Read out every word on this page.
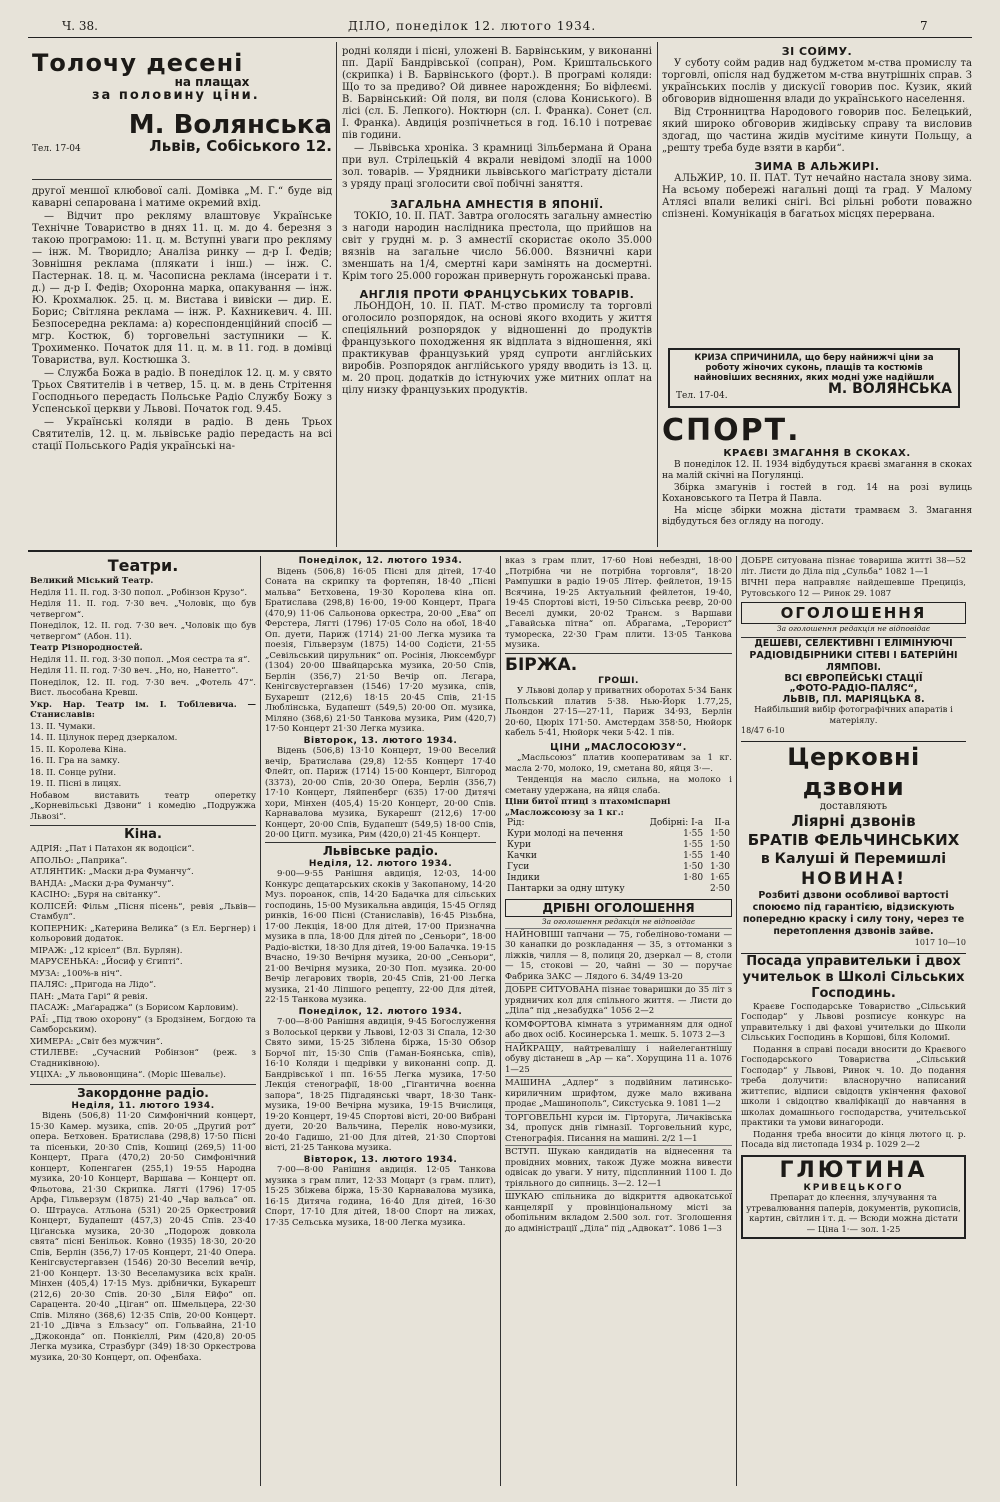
Ч. 38.	ДІЛО, понеділок 12. лютого 1934.	7
Толочу десені
на плащах
за половину ціни.
М. Волянська
Тел. 17-04	Львів, Собіського 12.

другої меншої клюбової салі. Домівка „М. Г.“ буде від каварні сепарована і матиме окремий вхід.

— Відчит про рекляму влаштовує Українське Технічне Товариство в днях 11. ц. м. до 4. березня з такою програмою: 11. ц. м. Вступні уваги про рекляму — інж. М. Творидло; Аналіза ринку — д-р І. Федів; Зовнішня реклама (плякати і інш.) — інж. С. Пастернак. 18. ц. м. Часописна реклама (інсерати і т. д.) — д-р І. Федів; Охоронна марка, опакування — інж. Ю. Крохмалюк. 25. ц. м. Вистава і вивіски — дир. Е. Борис; Світляна реклама — інж. Р. Кахникевич. 4. III. Безпосередна реклама: а) кореспонденційний спосіб — мгр. Костюк, б) торговельні заступники — К. Трохименко. Початок для 11. ц. м. в 11. год. в домівці Товариства, вул. Костюшка 3.

— Служба Божа в радіо. В понеділок 12. ц. м. у свято Трьох Святителів і в четвер, 15. ц. м. в день Стрітення Господнього передасть Польське Радіо Службу Божу з Успенської церкви у Львові. Початок год. 9.45.

— Українські коляди в радіо. В день Трьох Святителів, 12. ц. м. львівське радіо передасть на всі стації Польського Радія українські на-

родні коляди і пісні, уложені В. Барвінським, у виконанні пп. Дарії Бандрівської (сопран), Ром. Криштальського (скрипка) і В. Барвінського (форт.). В програмі коляди: Що то за предиво? Ой дивнее нарождення; Бо віфлеємі. В. Барвінський: Ой поля, ви поля (слова Кониського). В лісі (сл. Б. Лепкого). Ноктюрн (сл. І. Франка). Сонет (сл. І. Франка). Авдиція розпічнеться в год. 16.10 і потреває пів години.

— Львівська хроніка. З крамниці Зільбермана й Орана при вул. Стрілецькій 4 вкрали невідомі злодії на 1000 зол. товарів. — Урядники львівського маґістрату дістали з уряду праці зголосити свої побічні заняття.

ЗАГАЛЬНА АМНЕСТІЯ В ЯПОНІЇ.

ТОКІО, 10. II. ПАТ. Завтра оголосять загальну амнестію з нагоди народин наслідника престола, що прийшов на світ у грудні м. р. З амнестії скористає около 35.000 вязнів на загальне число 56.000. Вязничні кари зменшать на 1/4, смертні кари замінять на досмертні. Крім того 25.000 горожан привернуть горожанські права.

АНГЛІЯ ПРОТИ ФРАНЦУСЬКИХ ТОВАРІВ.

ЛЬОНДОН, 10. II. ПАТ. М-ство промислу та торговлі оголосило розпорядок, на основі якого входить у життя спеціяльний розпорядок у відношенні до продуктів французького походження як відплата з відношення, які практикував французький уряд супроти англійських виробів. Розпорядок англійського уряду вводить із 13. ц. м. 20 проц. додатків до істнуючих уже митних оплат на цілу низку французьких продуктів.

ЗІ СОЙМУ.

У суботу сойм радив над буджетом м-ства промислу та торговлі, опісля над буджетом м-ства внутрішніх справ. З українських послів у дискусії говорив пос. Кузик, який обговорив відношення влади до українського населення.

Від Стронництва Народового говорив пос. Белецький, який широко обговорив жидівську справу та висловив здогад, що частина жидів мусітиме кинути Польщу, а „решту треба буде взяти в карби“.

ЗИМА В АЛЬЖИРІ.

АЛЬЖИР, 10. II. ПАТ. Тут нечайно настала знову зима. На всьому побережі нагальні дощі та град. У Малому Атлясі впали великі снігі. Всі рільні роботи поважно спізнені. Комунікація в багатьох місцях перервана.

КРИЗА СПРИЧИНИЛА, що беру найнижчі ціни за роботу жіночих суконь, плащів та костюмів найновіших весняних, яких модні уже надійшли
Тел. 17-04.	М. ВОЛЯНСЬКА
СПОРТ.
КРАЄВІ ЗМАГАННЯ В СКОКАХ.

В понеділок 12. II. 1934 відбудуться краєві змагання в скоках на малій скічні на Погулянці.

Збірка змагунів і гостей в год. 14 на розі вулиць Кохановського та Петра й Павла.

На місце збірки можна дістати трамваєм 3. Змагання відбудуться без огляду на погоду.

Театри.
Великий Міський Театр.
Неділя 11. II. год. 3·30 попол. „Робінзон Крузо“.
Неділя 11. II. год. 7·30 веч. „Чоловік, що був четвергом“.
Понеділок, 12. II. год. 7·30 веч. „Чоловік що був четвергом“ (Абон. 11).
Театр Різнородностей.
Неділя 11. II. год. 3·30 попол. „Моя сестра та я“.
Неділя 11. II. год. 7·30 веч. „Но, но, Нанетто“.
Понеділок, 12. II. год. 7·30 веч. „Фотель 47“. Вист. льособана Кревш.
Укр. Нар. Театр ім. І. Тобілевича. — Станиславів:
13. II. Чумаки.
14. II. Цілунок перед дзеркалом.
15. II. Королева Кіна.
16. II. Гра на замку.
18. II. Сонце руїни.
19. II. Пісні в лицях.
Нобавом виставить театр оперетку „Корневільські Дзвони“ і комедію „Подружжа Львозі“.
Кіна.
АДРІЯ: „Пат і Патахон як водоціси“.
АПОЛЬО: „Паприка“.
АТЛЯНТИК: „Маски д-ра Фуманчу“.
ВАНДА: „Маски д-ра Фуманчу“.
КАСІНО: „Буря на світанку“.
КОЛІСЕЙ: Фільм „Пісня пісень“, ревія „Львів—Стамбул“.
КОПЕРНИК: „Катерина Велика“ (з Ел. Бергнер) і кольоровий додаток.
МІРАЖ: „12 крісел“ (Вл. Бурлян).
МАРУСЕНЬКА: „Йосиф у Єгипті“.
МУЗА: „100%-в ніч“.
ПАЛЯС: „Пригода на Лідо“.
ПАН: „Мата Гарі“ й ревія.
ПАСАЖ: „Маґараджа“ (з Борисом Карловим).
РАЇ: „Під твою охорону“ (з Бродзінем, Богдою та Самборським).
ХИМЕРА: „Світ без мужчин“.
СТИЛЕВЕ: „Сучасний Робінзон“ (реж. з Стадниківною).
УЦІХА: „У львовонщина“. (Моріс Шевальє).
Закордонне радіо.
Неділя, 11. лютого 1934.

Відень (506,8) 11·20 Симфонічний концерт, 15·30 Камер. музика, спів. 20·05 „Другий рот“ опера. Бетховен. Братислава (298,8) 17·50 Пісні та пісеньки, 20·30 Спів, Кошиці (269,5) 11·00 Концерт, Прага (470,2) 20·50 Симфонічний концерт, Копенгаген (255,1) 19·55 Народна музика, 20·10 Концерт, Варшава — Концерт оп. Фльотова, 21·30 Скрипка. Лягті (1796) 17·05 Арфа, Гільверзум (1875) 21·40 „Чар вальса“ оп. О. Штрауса. Атльона (531) 20·25 Оркестровий Концерт, Будапешт (457,3) 20·45 Спів. 23·40 Ціґанська музика, 20·30 „Подорож довкола свята“ пісні Бенільок. Ковно (1935) 18·30, 20·20 Спів, Берлін (356,7) 17·05 Концерт, 21·40 Опера. Кенігсвустергавзен (1546) 20·30 Веселий вечір, 21·00 Концерт. 13·30 Веселамузика всіх країн. Мінхен (405,4) 17·15 Муз. дрібнички, Букарешт (212,6) 20·30 Спів. 20·30 „Біля Ейфо“ оп. Сарацента. 20·40 „Ціган“ оп. Шмельцера, 22·30 Спів. Міляно (368,6) 12·35 Спів, 20·00 Концерт. 21·10 „Дівча з Ельзасу“ оп. Гольвайна, 21·10 „Джоконда“ оп. Понкієллі, Рим (420,8) 20·05 Легка музика, Стразбург (349) 18·30 Оркестрова музика, 20·30 Концерт, оп. Офенбаха.

Понеділок, 12. лютого 1934.

Відень (506,8) 16·05 Пісні для дітей, 17·40 Соната на скрипку та фортепян, 18·40 „Пісні мальва“ Бетховена, 19·30 Королева кіна оп. Братислава (298,8) 16·00, 19·00 Концерт, Прага (470,9) 11·06 Сальонова оркестра, 20·00 „Ева“ оп Ферстера, Лягті (1796) 17·05 Соло на обої, 18·40 Оп. дуети, Париж (1714) 21·00 Легка музика та поезія, Гільверзум (1875) 14·00 Содісти, 21·55 „Севільський цирульник“ оп. Росінія, Люксембург (1304) 20·00 Швайцарська музика, 20·50 Спів, Берлін (356,7) 21·50 Вечір оп. Лєгара, Кенігсвустергавзен (1546) 17·20 музика, спів, Бухарешт (212,6) 18·15 20·45 Спів, 21·15 Люблінська, Будапешт (549,5) 20·00 Оп. музика, Міляно (368,6) 21·50 Танкова музика, Рим (420,7) 17·50 Концерт 21·30 Легка музика.

Вівторок, 13. лютого 1934.

Відень (506,8) 13·10 Концерт, 19·00 Веселий вечір, Братислава (29,8) 12·55 Концерт 17·40 Флейт, оп. Париж (1714) 15·00 Концерт, Білгород (3373), 20·00 Спів, 20·30 Опера, Берлін (356,7) 17·10 Концерт, Ляйпенберг (635) 17·00 Дитячі хори, Мінхен (405,4) 15·20 Концерт, 20·00 Спів. Карнавалова музика, Букарешт (212,6) 17·00 Концерт, 20·00 Спів, Будапешт (549,5) 18·00 Спів, 20·00 Цигп. музика, Рим (420,0) 21·45 Концерт.

Львівське радіо.
Неділя, 12. лютого 1934.

9·00—9·55 Ранішня авдиція, 12·03, 14·00 Конкурс дещатарських скоків у Закопаному, 14·20 Муз. пороанок, спів, 14·20 Бадачка для сільських господинь, 15·00 Музикальна авдиція, 15·45 Огляд ринків, 16·00 Пісні (Станиславів), 16·45 Різьбна, 17·00 Лекція, 18·00 Для дітей, 17·00 Призначна музика в пла, 18·00 Для дітей по „Сеньори“, 18·00 Радіо-вістки, 18·30 Для дітей, 19·00 Балачка. 19·15 Вчасно, 19·30 Вечірня музика, 20·00 „Сеньори“, 21·00 Вечірня музика, 20·30 Поп. музика. 20·00 Вечір легарових творів, 20·45 Спів, 21·00 Легка музика, 21·40 Ліпшого рецепту, 22·00 Для дітей, 22·15 Танкова музика.

Понеділок, 12. лютого 1934.

7·00—8·00 Ранішня авдиція, 9·45 Богослуження з Волоської церкви у Львові, 12·03 Зі Спала, 12·30 Свято зими, 15·25 Зіблена біржа, 15·30 Обзор Борчої піт, 15·30 Спів (Гаман-Боянська, спів), 16·10 Коляди і щедрівки у виконанні сопр. Д. Бандрівської і пп. 16·55 Легка музика, 17·50 Лекція стенографії, 18·00 „Гігантична воєнна запора“, 18·25 Підгадянські чварт, 18·30 Танк-музика, 19·00 Вечірна музика, 19·15 Вчислиця, 19·20 Концерт, 19·45 Спортові вісті, 20·00 Вибрані дуети, 20·20 Вальчина, Перелік ново-музики, 20·40 Гадишо, 21·00 Для дітей, 21·30 Спортові вісті, 21·25 Танкова музика.

Вівторок, 13. лютого 1934.

7·00—8·00 Ранішня авдиція. 12·05 Танкова музика з грам плит, 12·33 Моцарт (з грам. плит), 15·25 Збіжева біржа, 15·30 Карнавалова музика, 16·15 Дитяча година, 16·40 Для дітей, 16·30 Спорт, 17·10 Для дітей, 18·00 Спорт на лижах, 17·35 Сельська музика, 18·00 Легка музика.

вказ з грам плит, 17·60 Нові небездні, 18·00 „Потрібна чи не потрібна торговля“, 18·20 Рампушки в радіо 19·05 Літер. фейлетон, 19·15 Всячина, 19·25 Актуальний фейлетон, 19·40, 19·45 Спортові вісті, 19·50 Сільська реєвр, 20·00 Веселі думки, 20·02 Трансм. з Варшави „Гавайська пітна“ оп. Абрагама, „Терорист“ туморескa, 22·30 Грам плити. 13·05 Танкова музика.

БІРЖА.
ГРОШІ.

У Львові долар у приватних оборотах 5·34 Банк Польський платив 5·38. Нью-Йорк 1.77,25, Льондон 27·15—27·11, Париж 34·93, Берлін 20·60, Цюріх 171·50. Амстердам 358·50, Нюйорк кабель 5·41, Нюйорк чеки 5·42. 1 пів.

ЦІНИ „МАСЛОСОЮЗУ“.

„Масльсоюз“ платив кооперативам за 1 кг. масла 2·70, молоко, 19, сметана 80, яйця 3·—.

Тенденція на масло сильна, на молоко і сметану удержана, на яйця слаба.

Ціни битої птиці з птахоміспарні „Масложсоюзу за 1 кг.:
Рід:	Добірні: I-a	II-a
Кури молоді на печення	1·55	1·50
Кури	1·55	1·50
Качки	1·55	1·40
Гуси	1·50	1·30
Індики	1·80	1·65
Пантарки за одну штуку		2·50
ДРІБНІ ОГОЛОШЕННЯ
За оголошення редакція не відповідає
НАЙНОВІШІ тапчани — 75, гобеліново-томани — 30 канапки до розкладання — 35, з оттоманки з ліжків, чилля — 8, полиця 20, дзеркал — 8, столи — 15, стокові — 20, чайні — 30 — поручає Фабрика ЗАКС — Лядого 6. 34/49 13-20
ДОБРЕ СИТУОВАНА пізнає товаришки до 35 літ з урядничих кол для спільного життя. — Листи до „Діла“ під „незабудка“ 1056 2—2
КОМФОРТОВА кімната з утриманням для одної або двох осіб. Косинерська 1. мешк. 5. 1073 2—3
НАЙКРАЩУ, найтревалішу і найелегантнішу обуву дістанеш в „Ар — ка“. Хорущина 11 а. 1076 1—25
МАШИНА „Адлер“ з подвійним латинсько-кириличним шрифтом, дуже мало вживана продає „Машинополь“, Сикстуська 9. 1081 1—2
ТОРГОВЕЛЬНІ курси ім. Гірторуга, Личаківська 34, пропуск днів гімназії. Торговельний курс, Стенографія. Писання на машині. 2/2 1—1
ВСТУП. Шукаю кандидатів на віднесення та провідних мовних, також Дуже можна вивести одвісак до уваги. У ниту, підсплинний 1100 І. До тріяльного до сипниць. 3—2. 12—1
ШУКАЮ спільника до відкриття адвокатської канцелярії у провінціональному місті за обопільним вкладом 2.500 зол. гот. Зголошення до адміністрації „Діла“ під „Адвокат“. 1086 1—3

ДОБРЕ ситуована пізнає товариша житті 38—52 літ. Листи до Діла під „Сульба“ 1082 1—1

ВІЧНІ пера направляє найдешевше Прециціз, Рутовського 12 — Ринок 29. 1087

ОГОЛОШЕННЯ
За оголошення редакція не відповідає
ДЕШЕВІ, СЕЛЕКТИВНІ І ЕЛІМІНУЮЧІ РАДІОВІДБІРНИКИ СІТЕВІ І БАТЕРІЙНІ ЛЯМПОВІ.
ВСІ ЄВРОПЕЙСЬКІ СТАЦІЇ
„ФОТО-РАДІО-ПАЛЯС“,
ЛЬВІВ, ПЛ. МАРІЯЦЬКА 8.
Найбільший вибір фотографічних апаратів і матеріялу.
18/47 6-10
Церковні дзвони
доставляють
Ліярні дзвонів
БРАТІВ ФЕЛЬЧИНСЬКИХ
в Калуші й Перемишлі
НОВИНА!
Розбиті дзвони особливої вартості споюємо під гарантією, відзискують попередню краску і силу тону, через те перетоплення дзвонів зайве.
1017 10—10
Посада управительки і двох учительок в Школі Сільських Господинь.

Краєве Господарське Товариство „Сільський Господар“ у Львові розписує конкурс на управительку і дві фахові учительки до Школи Сільських Господинь в Коршові, біля Коломиї.

Подання в справі посади вносити до Краєвого Господарського Товариства „Сільський Господар“ у Львові, Ринок ч. 10. До подання треба долучити: власноручно написаний життєпис, відписи свідоцтв укінчення фахової школи і свідоцтво кваліфікації до навчання в школах домашнього господарства, учительської практики та умови винагороди.

Подання треба вносити до кінця лютого ц. р. Посада від листопада 1934 р. 1029 2—2

ГЛЮТИНА
КРИВЕЦЬКОГО
Препарат до клеєння, злучування та утревалювання паперів, документів, рукописів, картин, світлин і т. д. — Всюди можна дістати — Ціна 1·— зол. 1-25
